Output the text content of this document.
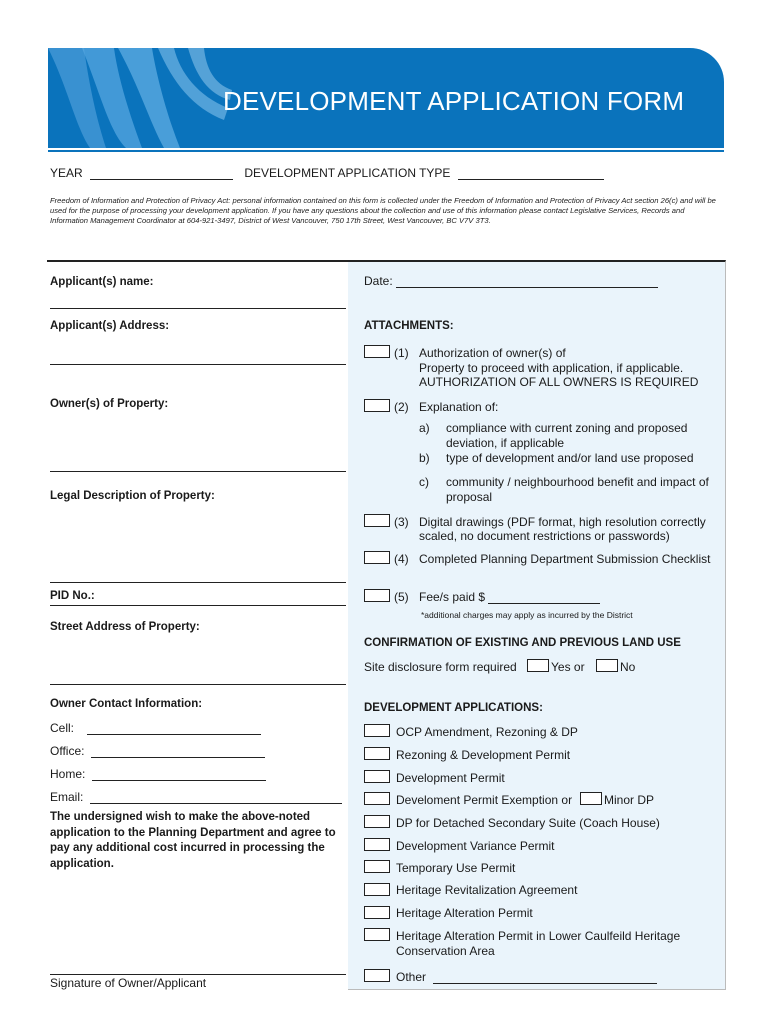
DEVELOPMENT APPLICATION FORM
YEAR	DEVELOPMENT APPLICATION TYPE
Freedom of Information and Protection of Privacy Act: personal information contained on this form is collected under the Freedom of Information and Protection of Privacy Act section 26(c) and will be used for the purpose of processing your development application. If you have any questions about the collection and use of this information please contact Legislative Services, Records and Information Management Coordinator at 604-921-3497, District of West Vancouver, 750 17th Street, West Vancouver, BC V7V 3T3.
Applicant(s) name:
Applicant(s) Address:
Owner(s) of Property:
Legal Description of Property:
PID No.:
Street Address of Property:
Owner Contact Information:
Cell:
Office:
Home:
Email:
The undersigned wish to make the above-noted application to the Planning Department and agree to pay any additional cost incurred in processing the application.
Signature of Owner/Applicant
Date:
ATTACHMENTS:
(1) Authorization of owner(s) of
Property to proceed with application, if applicable.
AUTHORIZATION OF ALL OWNERS IS REQUIRED
(2) Explanation of:
a) compliance with current zoning and proposed
deviation, if applicable
b) type of development and/or land use proposed
c) community / neighbourhood benefit and impact of
proposal
(3) Digital drawings (PDF format, high resolution correctly
scaled, no document restrictions or passwords)
(4) Completed Planning Department Submission Checklist
(5) Fee/s paid $
*additional charges may apply as incurred by the District
CONFIRMATION OF EXISTING AND PREVIOUS LAND USE
Site disclosure form required	Yes or	No
DEVELOPMENT APPLICATIONS:
OCP Amendment, Rezoning & DP
Rezoning & Development Permit
Development Permit
Develoment Permit Exemption or	Minor DP
DP for Detached Secondary Suite (Coach House)
Development Variance Permit
Temporary Use Permit
Heritage Revitalization Agreement
Heritage Alteration Permit
Heritage Alteration Permit in Lower Caulfeild Heritage
Conservation Area
Other
